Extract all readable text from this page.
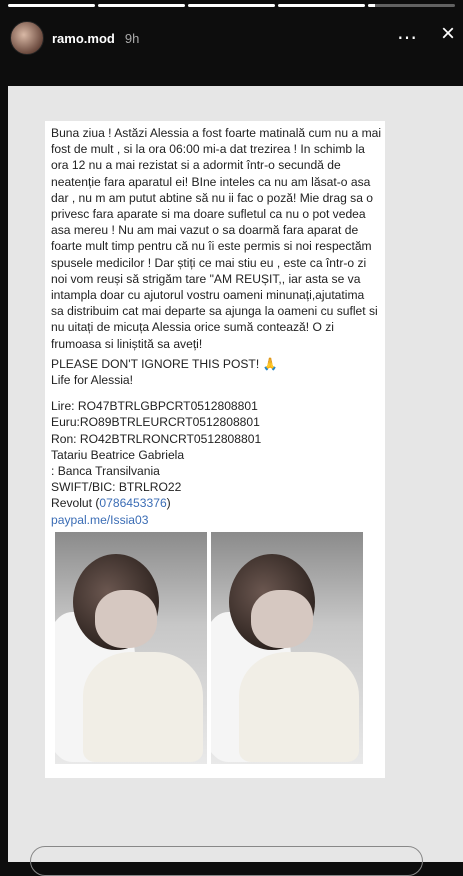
ramo.mod 9h	⋯ ×
Buna ziua ! Astăzi Alessia a fost foarte matinală cum nu a mai
fost de mult , si la ora 06:00 mi-a dat trezirea ! In schimb la
ora 12 nu a mai rezistat si a adormit într-o secundă de
neatenție fara aparatul ei! BIne inteles ca nu am lăsat-o asa
dar , nu m am putut abtine să nu ii fac o poză! Mie drag sa o
privesc fara aparate si ma doare sufletul ca nu o pot vedea
asa mereu ! Nu am mai vazut o sa doarmă fara aparat de
foarte mult timp pentru că nu îi este permis si noi respectăm
spusele medicilor ! Dar știți ce mai stiu eu , este ca într-o zi
noi vom reuși să strigăm tare "AM REUȘIT,, iar asta se va
intampla doar cu ajutorul vostru oameni minunați,ajutatima
sa distribuim cat mai departe sa ajunga la oameni cu suflet si
nu uitați de micuța Alessia orice sumă contează! O zi
frumoasa si liniștită sa aveți!
PLEASE DON'T IGNORE THIS POST! 🙏
Life for Alessia!
Lire: RO47BTRLGBPCRT0512808801
Euru:RO89BTRLEURCRT0512808801
Ron: RO42BTRLRONCRT0512808801
Tatariu Beatrice Gabriela
: Banca Transilvania
SWIFT/BIC: BTRLRO22
Revolut (0786453376)
paypal.me/Issia03
